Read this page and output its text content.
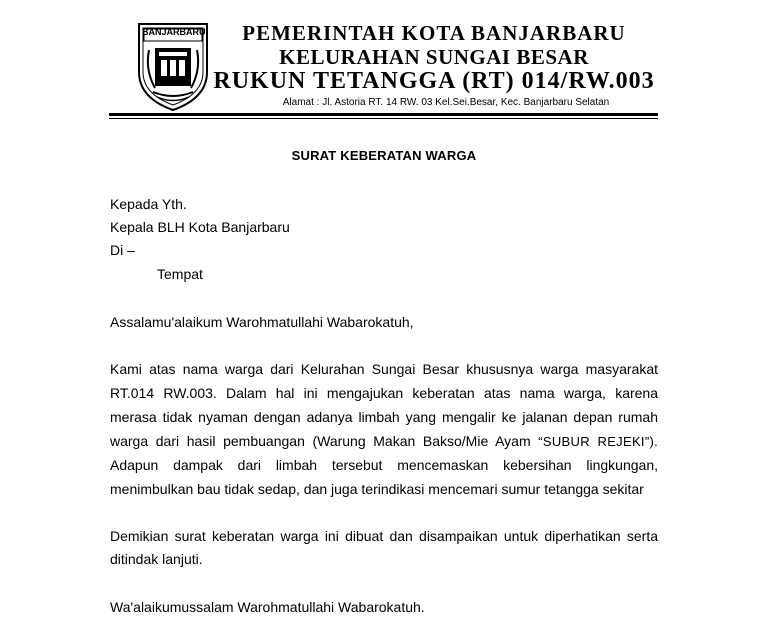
BANJARBARU	PEMERINTAH KOTA BANJARBARU
KELURAHAN SUNGAI BESAR
RUKUN TETANGGA (RT) 014/RW.003
Alamat : Jl. Astoria RT. 14 RW. 03 Kel.Sei.Besar, Kec. Banjarbaru Selatan
SURAT KEBERATAN WARGA
Kepada Yth.
Kepala BLH Kota Banjarbaru
Di –
Tempat
Assalamu'alaikum Warohmatullahi Wabarokatuh,
Kami atas nama warga dari Kelurahan Sungai Besar khususnya warga masyarakat
RT.014 RW.003. Dalam hal ini mengajukan keberatan atas nama warga, karena
merasa tidak nyaman dengan adanya limbah yang mengalir ke jalanan depan rumah
warga dari hasil pembuangan (Warung Makan Bakso/Mie Ayam “SUBUR REJEKI”).
Adapun dampak dari limbah tersebut mencemaskan kebersihan lingkungan,
menimbulkan bau tidak sedap, dan juga terindikasi mencemari sumur tetangga sekitar
Demikian surat keberatan warga ini dibuat dan disampaikan untuk diperhatikan serta
ditindak lanjuti.
Wa'alaikumussalam Warohmatullahi Wabarokatuh.
